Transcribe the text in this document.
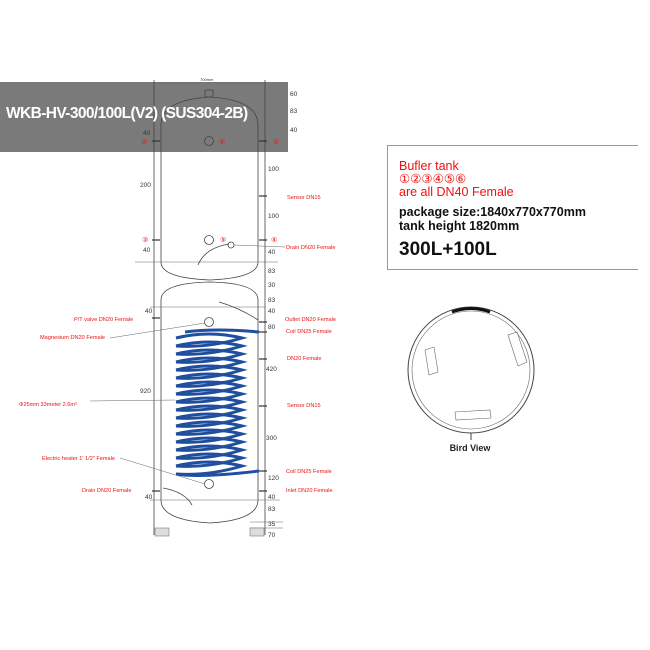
700mm
②	①
③	④
⑤
⑥
Sensor DN15
Drain DN20 Female
Outlet DN20 Female
P/T valve DN20 Female
Coil DN25 Female
Magnesium DN20 Female
DN20 Female
Φ25mm 33meter 2.6m²	Sensor DN15
Electric heater 1' 1/2" Female
Coil DN25 Female
Drain DN20 Female	Inlet DN20 Female
60
83
40
100
100
40
83
30
83
40
80
420
300
120
40
83
35
70
40
200
40
40
920
40
Bird View
WKB-HV-300/100L(V2) (SUS304-2B)
Bufler tank
①②③④⑤⑥
are all DN40 Female
package size:1840x770x770mm
tank height 1820mm
300L+100L
